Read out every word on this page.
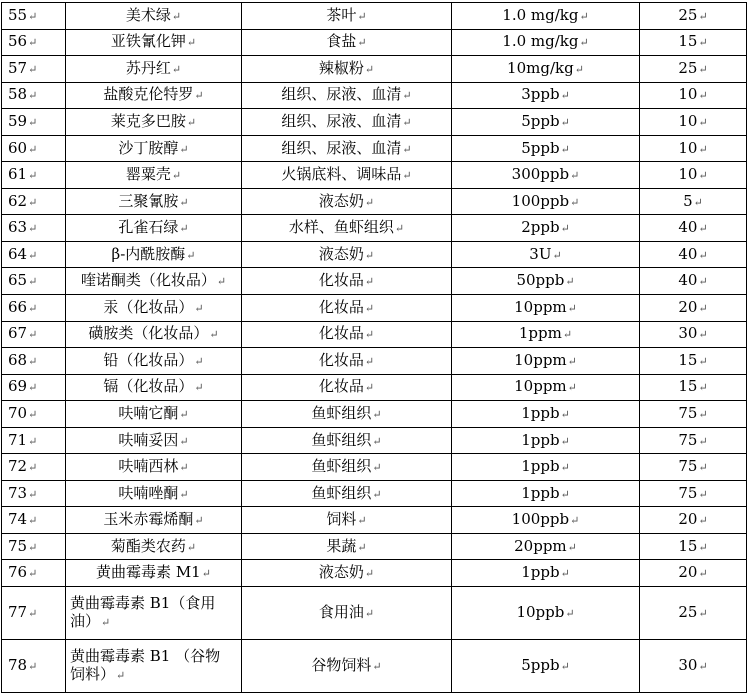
55↵	美术绿↵	茶叶↵	1.0 mg/kg↵	25↵
56↵	亚铁氰化钾↵	食盐↵	1.0 mg/kg↵	15↵
57↵	苏丹红↵	辣椒粉↵	10mg/kg↵	25↵
58↵	盐酸克伦特罗↵	组织、尿液、血清↵	3ppb↵	10↵
59↵	莱克多巴胺↵	组织、尿液、血清↵	5ppb↵	10↵
60↵	沙丁胺醇↵	组织、尿液、血清↵	5ppb↵	10↵
61↵	罂粟壳↵	火锅底料、调味品↵	300ppb↵	10↵
62↵	三聚氰胺↵	液态奶↵	100ppb↵	5↵
63↵	孔雀石绿↵	水样、鱼虾组织↵	2ppb↵	40↵
64↵	β-内酰胺酶↵	液态奶↵	3U↵	40↵
65↵	喹诺酮类（化妆品）↵	化妆品↵	50ppb↵	40↵
66↵	汞（化妆品）↵	化妆品↵	10ppm↵	20↵
67↵	磺胺类（化妆品）↵	化妆品↵	1ppm↵	30↵
68↵	铅（化妆品）↵	化妆品↵	10ppm↵	15↵
69↵	镉（化妆品）↵	化妆品↵	10ppm↵	15↵
70↵	呋喃它酮↵	鱼虾组织↵	1ppb↵	75↵
71↵	呋喃妥因↵	鱼虾组织↵	1ppb↵	75↵
72↵	呋喃西林↵	鱼虾组织↵	1ppb↵	75↵
73↵	呋喃唑酮↵	鱼虾组织↵	1ppb↵	75↵
74↵	玉米赤霉烯酮↵	饲料↵	100ppb↵	20↵
75↵	菊酯类农药↵	果蔬↵	20ppm↵	15↵
76↵	黄曲霉毒素 M1↵	液态奶↵	1ppb↵	20↵
77↵	黄曲霉毒素 B1（食用油）↵	食用油↵	10ppb↵	25↵
78↵	黄曲霉毒素 B1 （谷物饲料）↵	谷物饲料↵	5ppb↵	30↵
